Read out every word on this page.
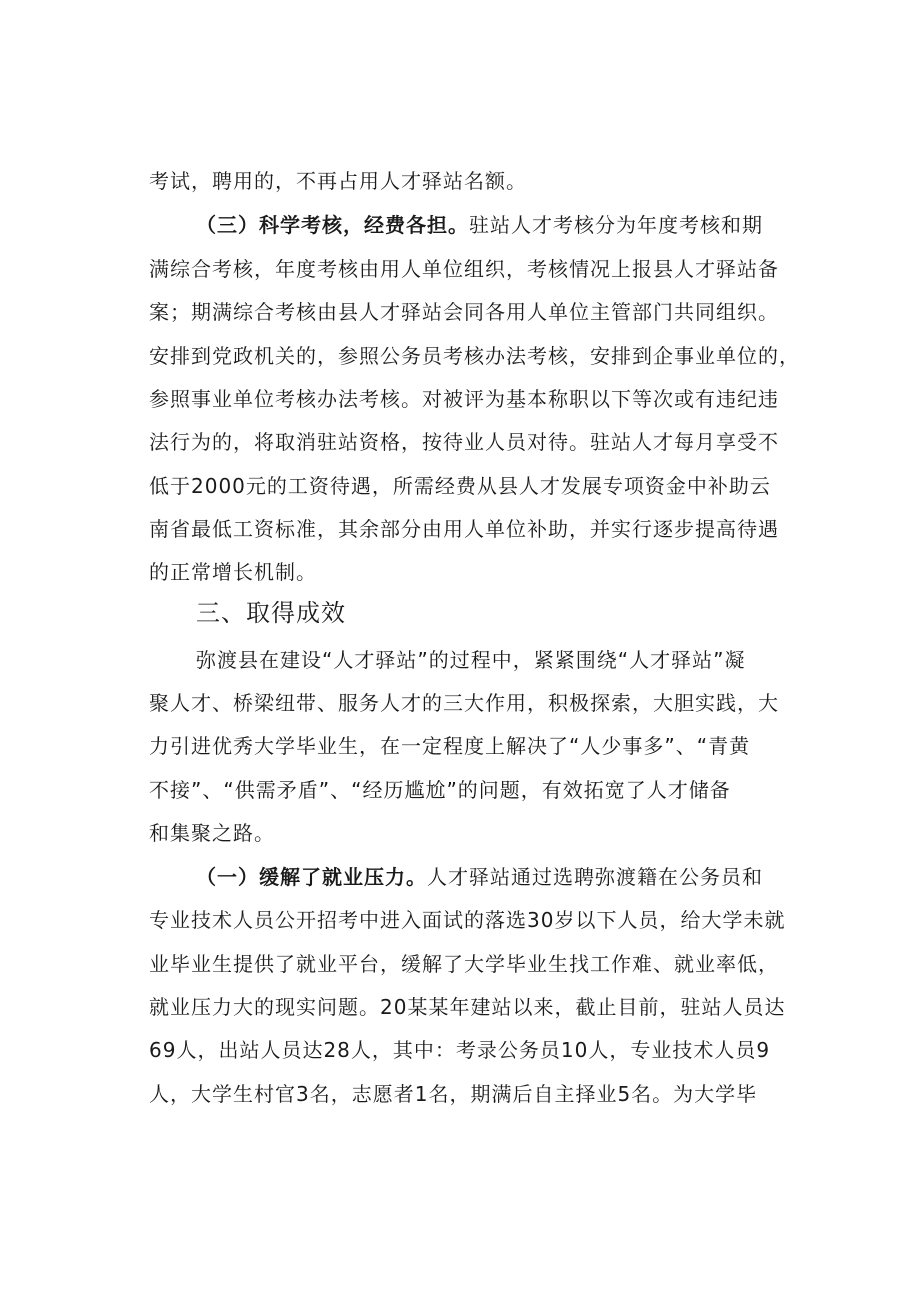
考试，聘用的，不再占用人才驿站名额。
（三）科学考核，经费各担。驻站人才考核分为年度考核和期
满综合考核，年度考核由用人单位组织，考核情况上报县人才驿站备
案；期满综合考核由县人才驿站会同各用人单位主管部门共同组织。
安排到党政机关的，参照公务员考核办法考核，安排到企事业单位的，
参照事业单位考核办法考核。对被评为基本称职以下等次或有违纪违
法行为的，将取消驻站资格，按待业人员对待。驻站人才每月享受不
低于2000元的工资待遇，所需经费从县人才发展专项资金中补助云
南省最低工资标准，其余部分由用人单位补助，并实行逐步提高待遇
的正常增长机制。
三、取得成效
弥渡县在建设“人才驿站”的过程中，紧紧围绕“人才驿站”凝
聚人才、桥梁纽带、服务人才的三大作用，积极探索，大胆实践，大
力引进优秀大学毕业生，在一定程度上解决了“人少事多”、“青黄
不接”、“供需矛盾”、“经历尴尬”的问题，有效拓宽了人才储备
和集聚之路。
（一）缓解了就业压力。人才驿站通过选聘弥渡籍在公务员和
专业技术人员公开招考中进入面试的落选30岁以下人员，给大学未就
业毕业生提供了就业平台，缓解了大学毕业生找工作难、就业率低，
就业压力大的现实问题。20某某年建站以来，截止目前，驻站人员达
69人，出站人员达28人，其中：考录公务员10人，专业技术人员9
人，大学生村官3名，志愿者1名，期满后自主择业5名。为大学毕
